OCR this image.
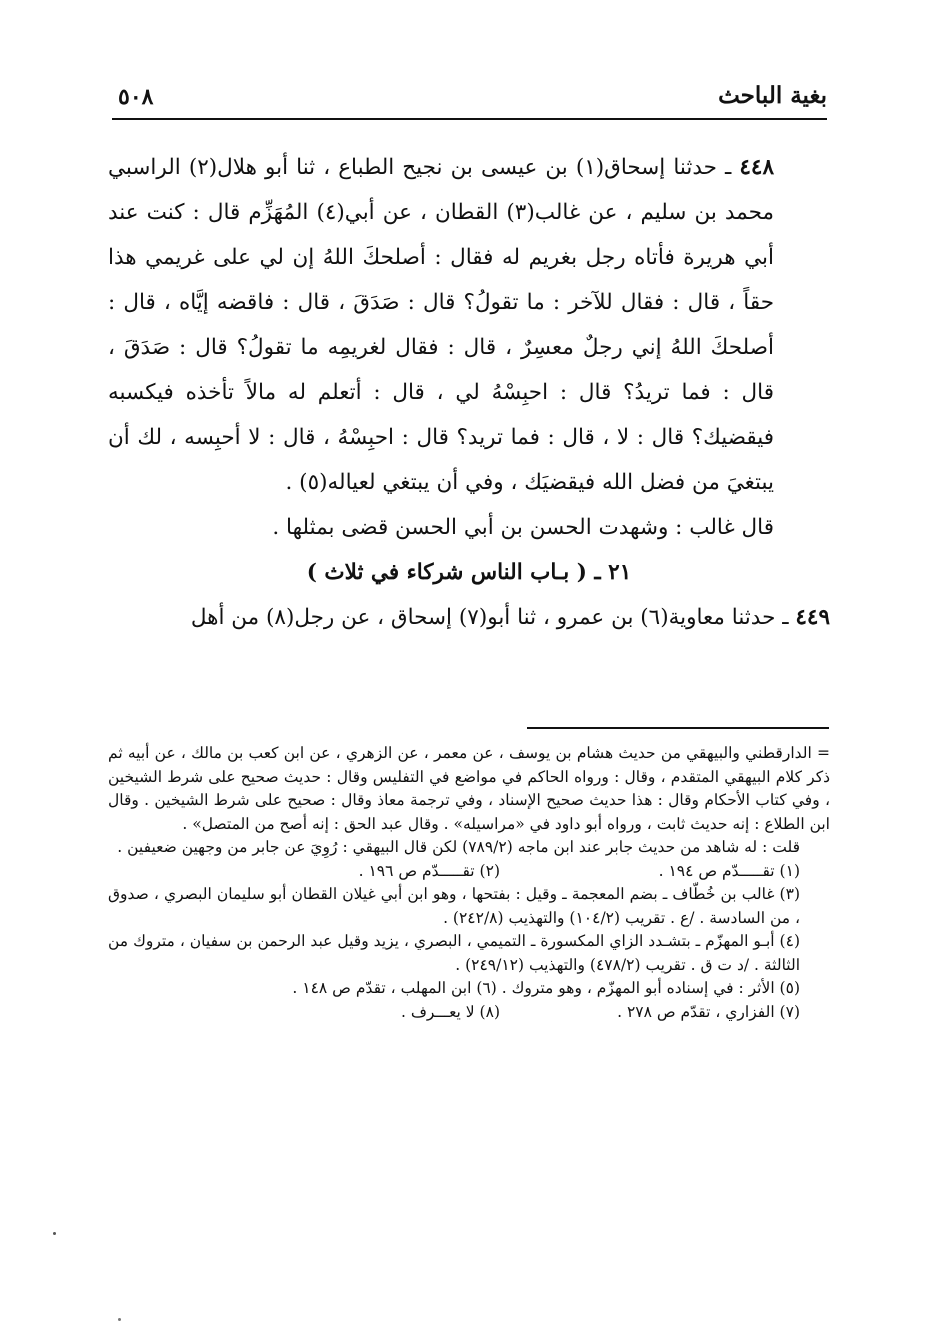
بغية الباحث
٥٠٨

٤٤٨ ـ حدثنا إسحاق(١) بن عيسى بن نجيح الطباع ، ثنا أبو هلال(٢) الراسبي محمد بن سليم ، عن غالب(٣) القطان ، عن أبي(٤) المُهَزِّم قال : كنت عند أبي هريرة فأتاه رجل بغريم له فقال : أصلحكَ اللهُ إن لي على غريمي هذا حقاً ، قال : فقال للآخر : ما تقولُ؟ قال : صَدَقَ ، قال : فاقضه إيَّاه ، قال : أصلحكَ اللهُ إني رجلٌ معسِرٌ ، قال : فقال لغريمِه ما تقولُ؟ قال : صَدَقَ ، قال : فما تريدُ؟ قال : احبِسْهُ لي ، قال : أتعلم له مالاً تأخذه فيكسبه فيقضيك؟ قال : لا ، قال : فما تريد؟ قال : احبِسْهُ ، قال : لا أحبِسه ، لك أن يبتغيَ من فضل الله فيقضيَك ، وفي أن يبتغي لعياله(٥) .

قال غالب : وشهدت الحسن بن أبي الحسن قضى بمثلها .

٢١ ـ ( بـاب الناس شركاء في ثلاث )

٤٤٩ ـ حدثنا معاوية(٦) بن عمرو ، ثنا أبو(٧) إسحاق ، عن رجل(٨) من أهل

= الدارقطني والبيهقي من حديث هشام بن يوسف ، عن معمر ، عن الزهري ، عن ابن كعب بن مالك ، عن أبيه ثم ذكر كلام البيهقي المتقدم ، وقال : ورواه الحاكم في مواضع في التفليس وقال : حديث صحيح على شرط الشيخين ، وفي كتاب الأحكام وقال : هذا حديث صحيح الإسناد ، وفي ترجمة معاذ وقال : صحيح على شرط الشيخين . وقال ابن الطلاع : إنه حديث ثابت ، ورواه أبو داود في «مراسيله» . وقال عبد الحق : إنه أصح من المتصل» .

قلت : له شاهد من حديث جابر عند ابن ماجه (٧٨٩/٢) لكن قال البيهقي : رُوِيَ عن جابر من وجهين ضعيفين .

(١) تقـــــدّم ص ١٩٤ .
(٢) تقـــــدّم ص ١٩٦ .

(٣) غالب بن خُطّاف ـ بضم المعجمة ـ وقيل : بفتحها ، وهو ابن أبي غيلان القطان أبو سليمان البصري ، صدوق ، من السادسة . /ع . تقريب (١٠٤/٢) والتهذيب (٢٤٢/٨) .

(٤) أبـو المهزّم ـ بتشـدد الزاي المكسورة ـ التميمي ، البصري ، يزيد وقيل عبد الرحمن بن سفيان ، متروك من الثالثة . /د ت ق . تقريب (٤٧٨/٢) والتهذيب (٢٤٩/١٢) .

(٥) الأثر : في إسناده أبو المهزّم ، وهو متروك . (٦) ابن المهلب ، تقدّم ص ١٤٨ .

(٧) الفزاري ، تقدّم ص ٢٧٨ .
(٨) لا يعـــرف .
